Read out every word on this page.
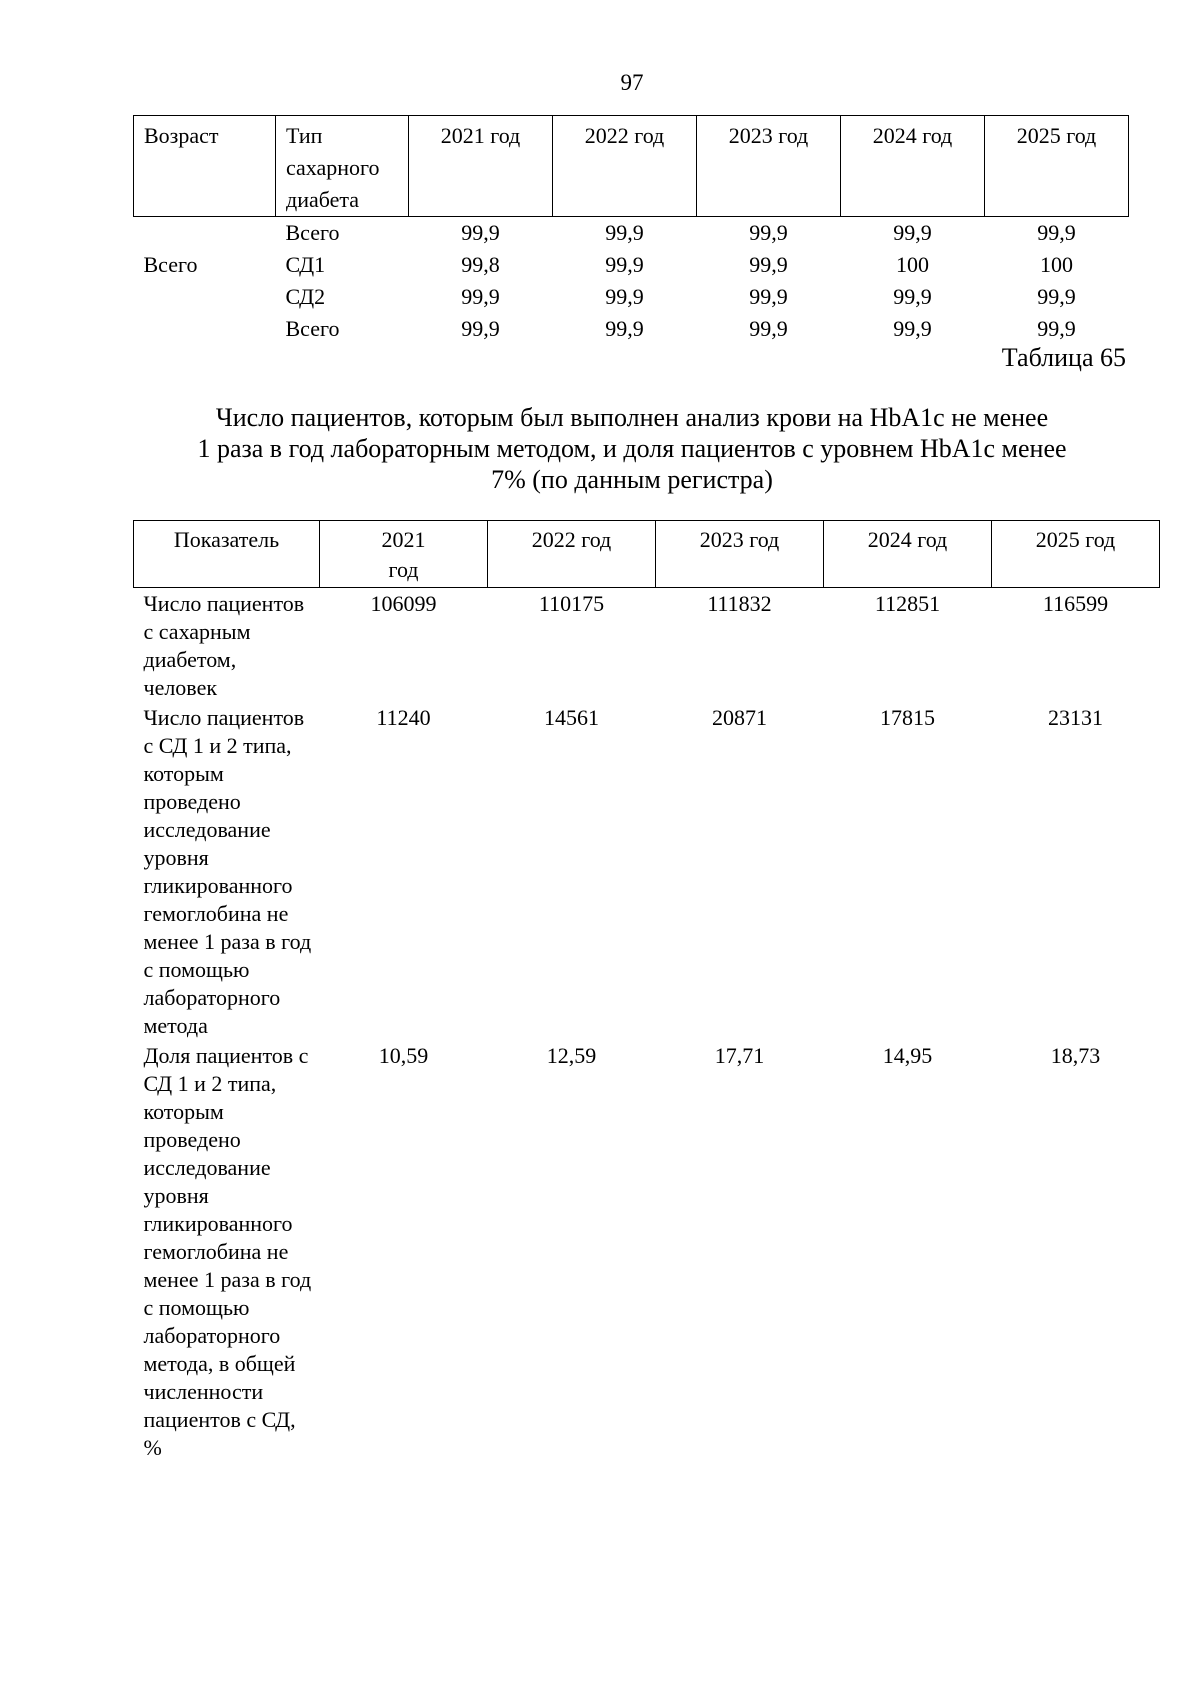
97
Возраст	Тип сахарного диабета	2021 год	2022 год	2023 год	2024 год	2025 год
Всего	Всего	99,9	99,9	99,9	99,9	99,9
	СД1	99,8	99,9	99,9	100	100
	СД2	99,9	99,9	99,9	99,9	99,9
	Всего	99,9	99,9	99,9	99,9	99,9
Таблица 65
Число пациентов, которым был выполнен анализ крови на HbA1c не менее
1 раза в год лабораторным методом, и доля пациентов с уровнем HbA1c менее
7% (по данным регистра)
Показатель	2021 год	2022 год	2023 год	2024 год	2025 год
Число пациентов с сахарным диабетом, человек	106099	110175	111832	112851	116599
Число пациентов с СД 1 и 2 типа, которым проведено исследование уровня гликированного гемоглобина не менее 1 раза в год с помощью лабораторного метода	11240	14561	20871	17815	23131
Доля пациентов с СД 1 и 2 типа, которым проведено исследование уровня гликированного гемоглобина не менее 1 раза в год с помощью лабораторного метода, в общей численности пациентов с СД, %	10,59	12,59	17,71	14,95	18,73
